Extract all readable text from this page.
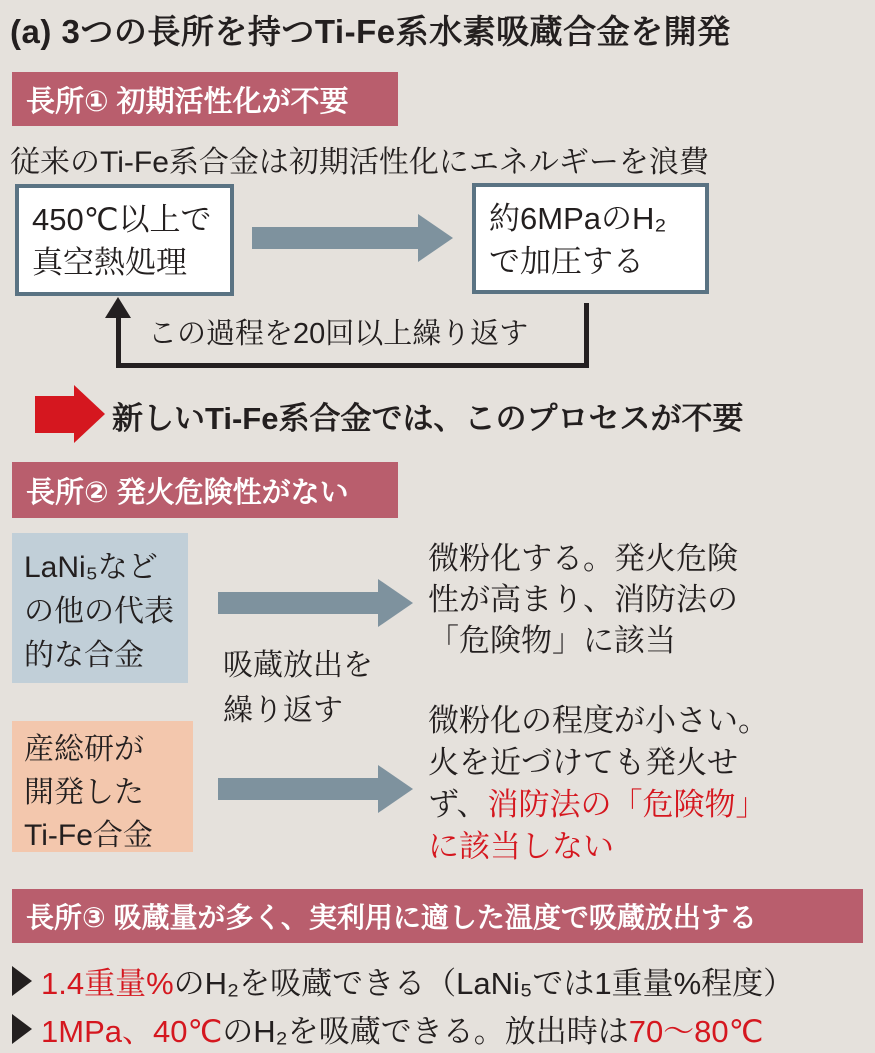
(a) 3つの長所を持つTi-Fe系水素吸蔵合金を開発
長所① 初期活性化が不要
従来のTi-Fe系合金は初期活性化にエネルギーを浪費
450℃以上で
真空熱処理
約6MPaのH₂
で加圧する
この過程を20回以上繰り返す
新しいTi-Fe系合金では、このプロセスが不要
長所② 発火危険性がない
LaNi₅など
の他の代表
的な合金
微粉化する。発火危険
性が高まり、消防法の
「危険物」に該当
吸蔵放出を
繰り返す
産総研が
開発した
Ti-Fe合金
微粉化の程度が小さい。
火を近づけても発火せ
ず、消防法の「危険物」
に該当しない
長所③ 吸蔵量が多く、実利用に適した温度で吸蔵放出する
1.4重量% のH₂を吸蔵できる（LaNi₅では1重量%程度）
1MPa、40℃ のH₂を吸蔵できる。放出時は 70～80℃
